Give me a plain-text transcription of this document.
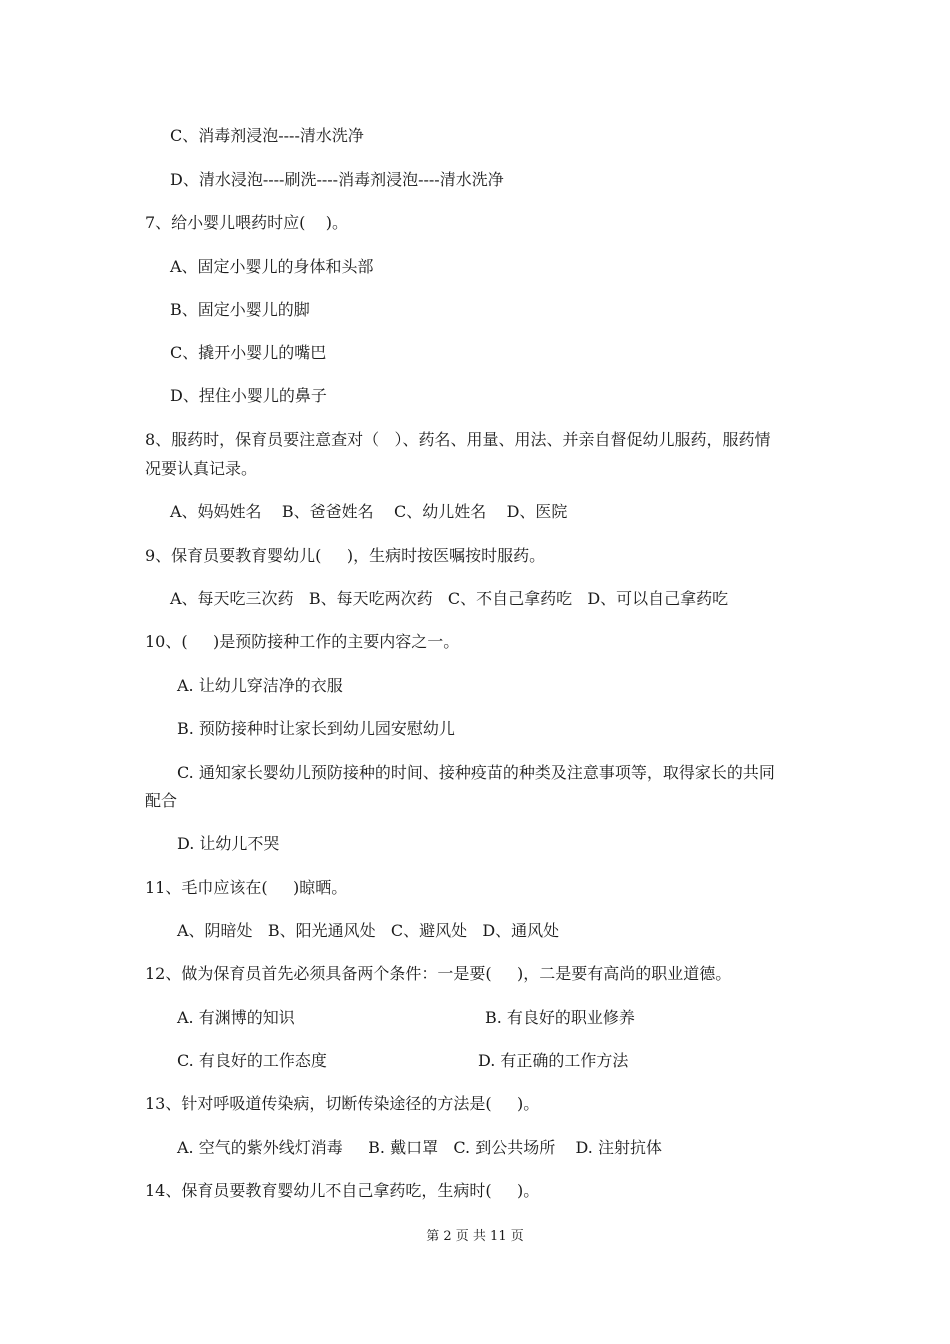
C、消毒剂浸泡----清水洗净
D、清水浸泡----刷洗----消毒剂浸泡----清水洗净
7、给小婴儿喂药时应(    )。
A、固定小婴儿的身体和头部
B、固定小婴儿的脚
C、撬开小婴儿的嘴巴
D、捏住小婴儿的鼻子
8、服药时，保育员要注意查对（   ）、药名、用量、用法、并亲自督促幼儿服药，服药情
况要认真记录。
A、妈妈姓名    B、爸爸姓名    C、幼儿姓名    D、医院
9、保育员要教育婴幼儿(     )，生病时按医嘱按时服药。
A、每天吃三次药   B、每天吃两次药   C、不自己拿药吃   D、可以自己拿药吃
10、(     )是预防接种工作的主要内容之一。
A. 让幼儿穿洁净的衣服
B. 预防接种时让家长到幼儿园安慰幼儿
C. 通知家长婴幼儿预防接种的时间、接种疫苗的种类及注意事项等，取得家长的共同
配合
D. 让幼儿不哭
11、毛巾应该在(     )晾晒。
A、阴暗处   B、阳光通风处   C、避风处   D、通风处
12、做为保育员首先必须具备两个条件：一是要(     )，二是要有高尚的职业道德。
A. 有渊博的知识	B. 有良好的职业修养
C. 有良好的工作态度	D. 有正确的工作方法
13、针对呼吸道传染病，切断传染途径的方法是(     )。
A. 空气的紫外线灯消毒     B. 戴口罩   C. 到公共场所    D. 注射抗体
14、保育员要教育婴幼儿不自己拿药吃，生病时(     )。
第 2 页 共 11 页
